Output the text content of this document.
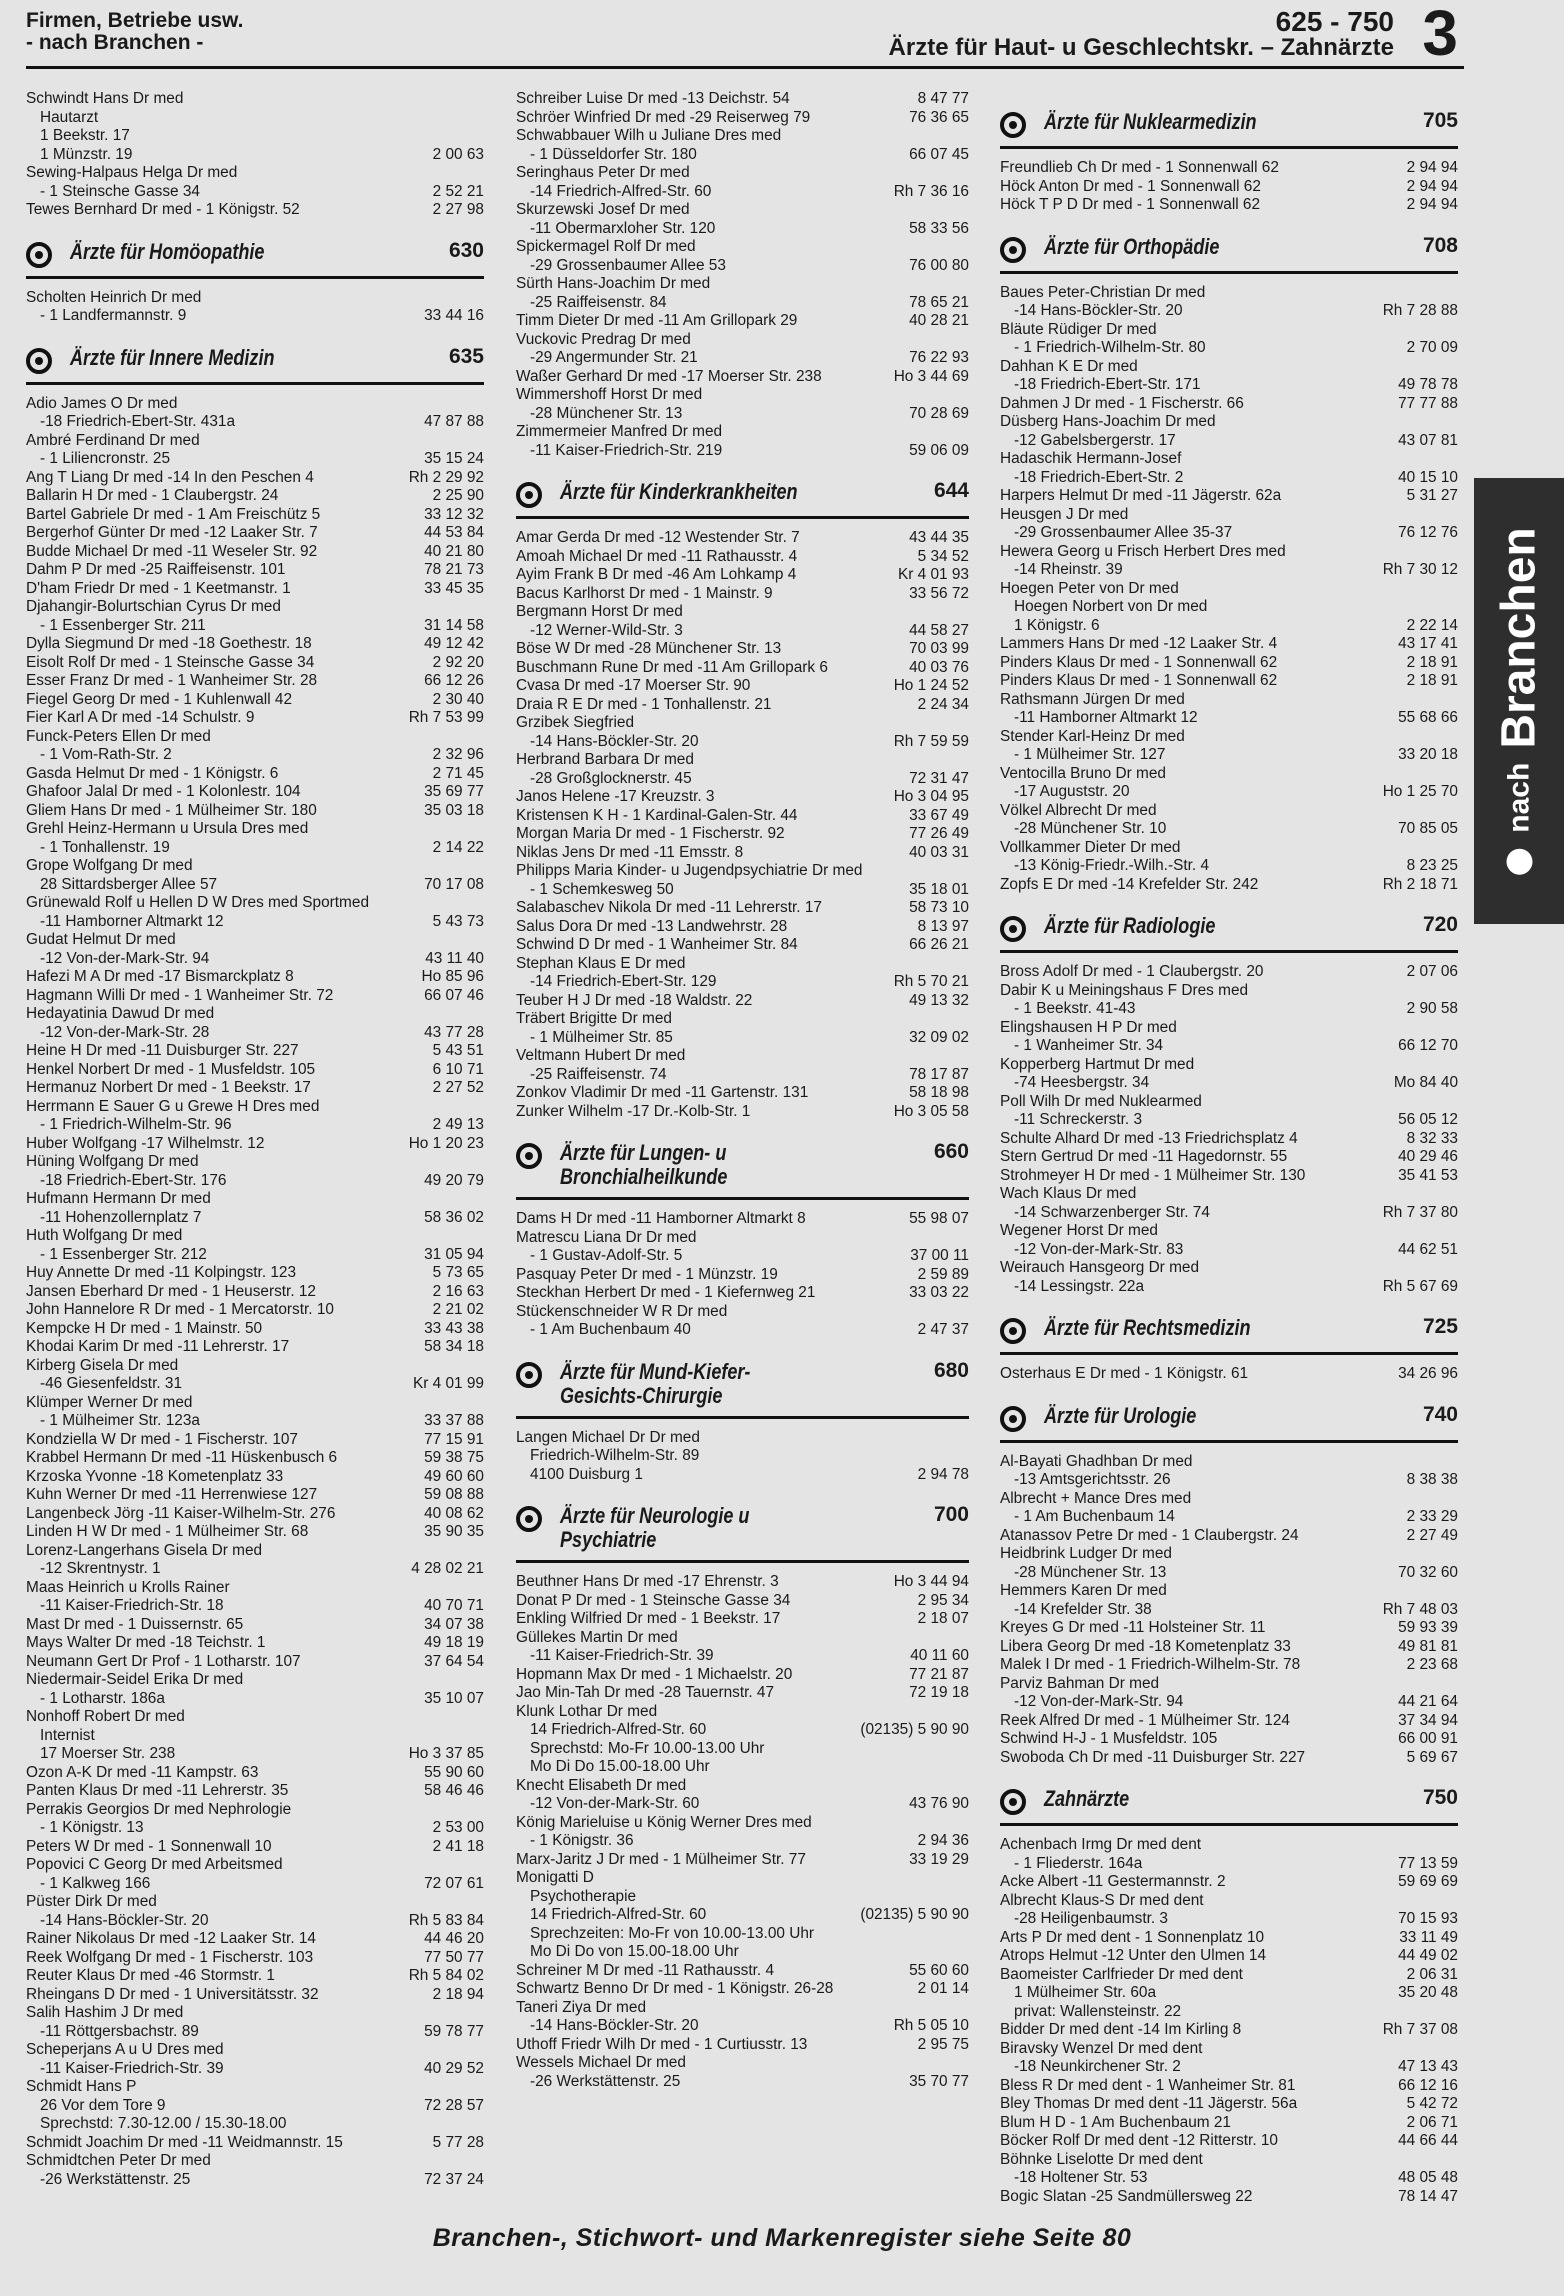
Firmen, Betriebe usw.
- nach Branchen -
625 - 750
Ärzte für Haut- u Geschlechtskr. – Zahnärzte 3
Schwindt Hans Dr med
Hautarzt
1 Beekstr. 17
1 Münzstr. 19	2 00 63
Sewing-Halpaus Helga Dr med
- 1 Steinsche Gasse 34	2 52 21
Tewes Bernhard Dr med - 1 Königstr. 52	2 27 98
Ärzte für Homöopathie	630
Scholten Heinrich Dr med
- 1 Landfermannstr. 9	33 44 16
Ärzte für Innere Medizin	635
Adio James O Dr med
-18 Friedrich-Ebert-Str. 431a	47 87 88
Ambré Ferdinand Dr med
- 1 Liliencronstr. 25	35 15 24
Ang T Liang Dr med -14 In den Peschen 4	Rh 2 29 92
Ballarin H Dr med - 1 Claubergstr. 24	2 25 90
Bartel Gabriele Dr med - 1 Am Freischütz 5	33 12 32
Bergerhof Günter Dr med -12 Laaker Str. 7	44 53 84
Budde Michael Dr med -11 Weseler Str. 92	40 21 80
Dahm P Dr med -25 Raiffeisenstr. 101	78 21 73
D'ham Friedr Dr med - 1 Keetmanstr. 1	33 45 35
Djahangir-Bolurtschian Cyrus Dr med
- 1 Essenberger Str. 211	31 14 58
Dylla Siegmund Dr med -18 Goethestr. 18	49 12 42
Eisolt Rolf Dr med - 1 Steinsche Gasse 34	2 92 20
Esser Franz Dr med - 1 Wanheimer Str. 28	66 12 26
Fiegel Georg Dr med - 1 Kuhlenwall 42	2 30 40
Fier Karl A Dr med -14 Schulstr. 9	Rh 7 53 99
Funck-Peters Ellen Dr med
- 1 Vom-Rath-Str. 2	2 32 96
Gasda Helmut Dr med - 1 Königstr. 6	2 71 45
Ghafoor Jalal Dr med - 1 Kolonlestr. 104	35 69 77
Gliem Hans Dr med - 1 Mülheimer Str. 180	35 03 18
Grehl Heinz-Hermann u Ursula Dres med
- 1 Tonhallenstr. 19	2 14 22
Grope Wolfgang Dr med
28 Sittardsberger Allee 57	70 17 08
Grünewald Rolf u Hellen D W Dres med Sportmed
-11 Hamborner Altmarkt 12	5 43 73
Gudat Helmut Dr med
-12 Von-der-Mark-Str. 94	43 11 40
Hafezi M A Dr med -17 Bismarckplatz 8	Ho 85 96
Hagmann Willi Dr med - 1 Wanheimer Str. 72	66 07 46
Hedayatinia Dawud Dr med
-12 Von-der-Mark-Str. 28	43 77 28
Heine H Dr med -11 Duisburger Str. 227	5 43 51
Henkel Norbert Dr med - 1 Musfeldstr. 105	6 10 71
Hermanuz Norbert Dr med - 1 Beekstr. 17	2 27 52
Herrmann E Sauer G u Grewe H Dres med
- 1 Friedrich-Wilhelm-Str. 96	2 49 13
Huber Wolfgang -17 Wilhelmstr. 12	Ho 1 20 23
Hüning Wolfgang Dr med
-18 Friedrich-Ebert-Str. 176	49 20 79
Hufmann Hermann Dr med
-11 Hohenzollernplatz 7	58 36 02
Huth Wolfgang Dr med
- 1 Essenberger Str. 212	31 05 94
Huy Annette Dr med -11 Kolpingstr. 123	5 73 65
Jansen Eberhard Dr med - 1 Heuserstr. 12	2 16 63
John Hannelore R Dr med - 1 Mercatorstr. 10	2 21 02
Kempcke H Dr med - 1 Mainstr. 50	33 43 38
Khodai Karim Dr med -11 Lehrerstr. 17	58 34 18
Kirberg Gisela Dr med
-46 Giesenfeldstr. 31	Kr 4 01 99
Klümper Werner Dr med
- 1 Mülheimer Str. 123a	33 37 88
Kondziella W Dr med - 1 Fischerstr. 107	77 15 91
Krabbel Hermann Dr med -11 Hüskenbusch 6	59 38 75
Krzoska Yvonne -18 Kometenplatz 33	49 60 60
Kuhn Werner Dr med -11 Herrenwiese 127	59 08 88
Langenbeck Jörg -11 Kaiser-Wilhelm-Str. 276	40 08 62
Linden H W Dr med - 1 Mülheimer Str. 68	35 90 35
Lorenz-Langerhans Gisela Dr med
-12 Skrentnystr. 1	4 28 02 21
Maas Heinrich u Krolls Rainer
-11 Kaiser-Friedrich-Str. 18	40 70 71
Mast Dr med - 1 Duissernstr. 65	34 07 38
Mays Walter Dr med -18 Teichstr. 1	49 18 19
Neumann Gert Dr Prof - 1 Lotharstr. 107	37 64 54
Niedermair-Seidel Erika Dr med
- 1 Lotharstr. 186a	35 10 07
Nonhoff Robert Dr med
Internist
17 Moerser Str. 238	Ho 3 37 85
Ozon A-K Dr med -11 Kampstr. 63	55 90 60
Panten Klaus Dr med -11 Lehrerstr. 35	58 46 46
Perrakis Georgios Dr med Nephrologie
- 1 Königstr. 13	2 53 00
Peters W Dr med - 1 Sonnenwall 10	2 41 18
Popovici C Georg Dr med Arbeitsmed
- 1 Kalkweg 166	72 07 61
Püster Dirk Dr med
-14 Hans-Böckler-Str. 20	Rh 5 83 84
Rainer Nikolaus Dr med -12 Laaker Str. 14	44 46 20
Reek Wolfgang Dr med - 1 Fischerstr. 103	77 50 77
Reuter Klaus Dr med -46 Stormstr. 1	Rh 5 84 02
Rheingans D Dr med - 1 Universitätsstr. 32	2 18 94
Salih Hashim J Dr med
-11 Röttgersbachstr. 89	59 78 77
Scheperjans A u U Dres med
-11 Kaiser-Friedrich-Str. 39	40 29 52
Schmidt Hans P
26 Vor dem Tore 9	72 28 57
Sprechstd: 7.30-12.00 / 15.30-18.00
Schmidt Joachim Dr med -11 Weidmannstr. 15	5 77 28
Schmidtchen Peter Dr med
-26 Werkstättenstr. 25	72 37 24
Schreiber Luise Dr med -13 Deichstr. 54	8 47 77
Schröer Winfried Dr med -29 Reiserweg 79	76 36 65
Schwabbauer Wilh u Juliane Dres med
- 1 Düsseldorfer Str. 180	66 07 45
Seringhaus Peter Dr med
-14 Friedrich-Alfred-Str. 60	Rh 7 36 16
Skurzewski Josef Dr med
-11 Obermarxloher Str. 120	58 33 56
Spickermagel Rolf Dr med
-29 Grossenbaumer Allee 53	76 00 80
Sürth Hans-Joachim Dr med
-25 Raiffeisenstr. 84	78 65 21
Timm Dieter Dr med -11 Am Grillopark 29	40 28 21
Vuckovic Predrag Dr med
-29 Angermunder Str. 21	76 22 93
Waßer Gerhard Dr med -17 Moerser Str. 238	Ho 3 44 69
Wimmershoff Horst Dr med
-28 Münchener Str. 13	70 28 69
Zimmermeier Manfred Dr med
-11 Kaiser-Friedrich-Str. 219	59 06 09
Ärzte für Kinderkrankheiten	644
Amar Gerda Dr med -12 Westender Str. 7	43 44 35
Amoah Michael Dr med -11 Rathausstr. 4	5 34 52
Ayim Frank B Dr med -46 Am Lohkamp 4	Kr 4 01 93
Bacus Karlhorst Dr med - 1 Mainstr. 9	33 56 72
Bergmann Horst Dr med
-12 Werner-Wild-Str. 3	44 58 27
Böse W Dr med -28 Münchener Str. 13	70 03 99
Buschmann Rune Dr med -11 Am Grillopark 6	40 03 76
Cvasa Dr med -17 Moerser Str. 90	Ho 1 24 52
Draia R E Dr med - 1 Tonhallenstr. 21	2 24 34
Grzibek Siegfried
-14 Hans-Böckler-Str. 20	Rh 7 59 59
Herbrand Barbara Dr med
-28 Großglocknerstr. 45	72 31 47
Janos Helene -17 Kreuzstr. 3	Ho 3 04 95
Kristensen K H - 1 Kardinal-Galen-Str. 44	33 67 49
Morgan Maria Dr med - 1 Fischerstr. 92	77 26 49
Niklas Jens Dr med -11 Emsstr. 8	40 03 31
Philipps Maria Kinder- u Jugendpsychiatrie Dr med
- 1 Schemkesweg 50	35 18 01
Salabaschev Nikola Dr med -11 Lehrerstr. 17	58 73 10
Salus Dora Dr med -13 Landwehrstr. 28	8 13 97
Schwind D Dr med - 1 Wanheimer Str. 84	66 26 21
Stephan Klaus E Dr med
-14 Friedrich-Ebert-Str. 129	Rh 5 70 21
Teuber H J Dr med -18 Waldstr. 22	49 13 32
Träbert Brigitte Dr med
- 1 Mülheimer Str. 85	32 09 02
Veltmann Hubert Dr med
-25 Raiffeisenstr. 74	78 17 87
Zonkov Vladimir Dr med -11 Gartenstr. 131	58 18 98
Zunker Wilhelm -17 Dr.-Kolb-Str. 1	Ho 3 05 58
Ärzte für Lungen- u
Bronchialheilkunde
660
Dams H Dr med -11 Hamborner Altmarkt 8	55 98 07
Matrescu Liana Dr Dr med
- 1 Gustav-Adolf-Str. 5	37 00 11
Pasquay Peter Dr med - 1 Münzstr. 19	2 59 89
Steckhan Herbert Dr med - 1 Kiefernweg 21	33 03 22
Stückenschneider W R Dr med
- 1 Am Buchenbaum 40	2 47 37
Ärzte für Mund-Kiefer-
Gesichts-Chirurgie
680
Langen Michael Dr Dr med
Friedrich-Wilhelm-Str. 89
4100 Duisburg 1	2 94 78
Ärzte für Neurologie u
Psychiatrie
700
Beuthner Hans Dr med -17 Ehrenstr. 3	Ho 3 44 94
Donat P Dr med - 1 Steinsche Gasse 34	2 95 34
Enkling Wilfried Dr med - 1 Beekstr. 17	2 18 07
Güllekes Martin Dr med
-11 Kaiser-Friedrich-Str. 39	40 11 60
Hopmann Max Dr med - 1 Michaelstr. 20	77 21 87
Jao Min-Tah Dr med -28 Tauernstr. 47	72 19 18
Klunk Lothar Dr med
14 Friedrich-Alfred-Str. 60	(02135) 5 90 90
Sprechstd: Mo-Fr 10.00-13.00 Uhr
Mo Di Do 15.00-18.00 Uhr
Knecht Elisabeth Dr med
-12 Von-der-Mark-Str. 60	43 76 90
König Marieluise u König Werner Dres med
- 1 Königstr. 36	2 94 36
Marx-Jaritz J Dr med - 1 Mülheimer Str. 77	33 19 29
Monigatti D
Psychotherapie
14 Friedrich-Alfred-Str. 60	(02135) 5 90 90
Sprechzeiten: Mo-Fr von 10.00-13.00 Uhr
Mo Di Do von 15.00-18.00 Uhr
Schreiner M Dr med -11 Rathausstr. 4	55 60 60
Schwartz Benno Dr Dr med - 1 Königstr. 26-28	2 01 14
Taneri Ziya Dr med
-14 Hans-Böckler-Str. 20	Rh 5 05 10
Uthoff Friedr Wilh Dr med - 1 Curtiusstr. 13	2 95 75
Wessels Michael Dr med
-26 Werkstättenstr. 25	35 70 77
Ärzte für Nuklearmedizin	705
Freundlieb Ch Dr med - 1 Sonnenwall 62	2 94 94
Höck Anton Dr med - 1 Sonnenwall 62	2 94 94
Höck T P D Dr med - 1 Sonnenwall 62	2 94 94
Ärzte für Orthopädie	708
Baues Peter-Christian Dr med
-14 Hans-Böckler-Str. 20	Rh 7 28 88
Bläute Rüdiger Dr med
- 1 Friedrich-Wilhelm-Str. 80	2 70 09
Dahhan K E Dr med
-18 Friedrich-Ebert-Str. 171	49 78 78
Dahmen J Dr med - 1 Fischerstr. 66	77 77 88
Düsberg Hans-Joachim Dr med
-12 Gabelsbergerstr. 17	43 07 81
Hadaschik Hermann-Josef
-18 Friedrich-Ebert-Str. 2	40 15 10
Harpers Helmut Dr med -11 Jägerstr. 62a	5 31 27
Heusgen J Dr med
-29 Grossenbaumer Allee 35-37	76 12 76
Hewera Georg u Frisch Herbert Dres med
-14 Rheinstr. 39	Rh 7 30 12
Hoegen Peter von Dr med
Hoegen Norbert von Dr med
1 Königstr. 6	2 22 14
Lammers Hans Dr med -12 Laaker Str. 4	43 17 41
Pinders Klaus Dr med - 1 Sonnenwall 62	2 18 91
Pinders Klaus Dr med - 1 Sonnenwall 62	2 18 91
Rathsmann Jürgen Dr med
-11 Hamborner Altmarkt 12	55 68 66
Stender Karl-Heinz Dr med
- 1 Mülheimer Str. 127	33 20 18
Ventocilla Bruno Dr med
-17 Auguststr. 20	Ho 1 25 70
Völkel Albrecht Dr med
-28 Münchener Str. 10	70 85 05
Vollkammer Dieter Dr med
-13 König-Friedr.-Wilh.-Str. 4	8 23 25
Zopfs E Dr med -14 Krefelder Str. 242	Rh 2 18 71
Ärzte für Radiologie	720
Bross Adolf Dr med - 1 Claubergstr. 20	2 07 06
Dabir K u Meiningshaus F Dres med
- 1 Beekstr. 41-43	2 90 58
Elingshausen H P Dr med
- 1 Wanheimer Str. 34	66 12 70
Kopperberg Hartmut Dr med
-74 Heesbergstr. 34	Mo 84 40
Poll Wilh Dr med Nuklearmed
-11 Schreckerstr. 3	56 05 12
Schulte Alhard Dr med -13 Friedrichsplatz 4	8 32 33
Stern Gertrud Dr med -11 Hagedornstr. 55	40 29 46
Strohmeyer H Dr med - 1 Mülheimer Str. 130	35 41 53
Wach Klaus Dr med
-14 Schwarzenberger Str. 74	Rh 7 37 80
Wegener Horst Dr med
-12 Von-der-Mark-Str. 83	44 62 51
Weirauch Hansgeorg Dr med
-14 Lessingstr. 22a	Rh 5 67 69
Ärzte für Rechtsmedizin	725
Osterhaus E Dr med - 1 Königstr. 61	34 26 96
Ärzte für Urologie	740
Al-Bayati Ghadhban Dr med
-13 Amtsgerichtsstr. 26	8 38 38
Albrecht + Mance Dres med
- 1 Am Buchenbaum 14	2 33 29
Atanassov Petre Dr med - 1 Claubergstr. 24	2 27 49
Heidbrink Ludger Dr med
-28 Münchener Str. 13	70 32 60
Hemmers Karen Dr med
-14 Krefelder Str. 38	Rh 7 48 03
Kreyes G Dr med -11 Holsteiner Str. 11	59 93 39
Libera Georg Dr med -18 Kometenplatz 33	49 81 81
Malek I Dr med - 1 Friedrich-Wilhelm-Str. 78	2 23 68
Parviz Bahman Dr med
-12 Von-der-Mark-Str. 94	44 21 64
Reek Alfred Dr med - 1 Mülheimer Str. 124	37 34 94
Schwind H-J - 1 Musfeldstr. 105	66 00 91
Swoboda Ch Dr med -11 Duisburger Str. 227	5 69 67
Zahnärzte	750
Achenbach Irmg Dr med dent
- 1 Fliederstr. 164a	77 13 59
Acke Albert -11 Gestermannstr. 2	59 69 69
Albrecht Klaus-S Dr med dent
-28 Heiligenbaumstr. 3	70 15 93
Arts P Dr med dent - 1 Sonnenplatz 10	33 11 49
Atrops Helmut -12 Unter den Ulmen 14	44 49 02
Baomeister Carlfrieder Dr med dent	2 06 31
1 Mülheimer Str. 60a	35 20 48
privat: Wallensteinstr. 22
Bidder Dr med dent -14 Im Kirling 8	Rh 7 37 08
Biravsky Wenzel Dr med dent
-18 Neunkirchener Str. 2	47 13 43
Bless R Dr med dent - 1 Wanheimer Str. 81	66 12 16
Bley Thomas Dr med dent -11 Jägerstr. 56a	5 42 72
Blum H D - 1 Am Buchenbaum 21	2 06 71
Böcker Rolf Dr med dent -12 Ritterstr. 10	44 66 44
Böhnke Liselotte Dr med dent
-18 Holtener Str. 53	48 05 48
Bogic Slatan -25 Sandmüllersweg 22	78 14 47
nachBranchen
Branchen-, Stichwort- und Markenregister siehe Seite 80
